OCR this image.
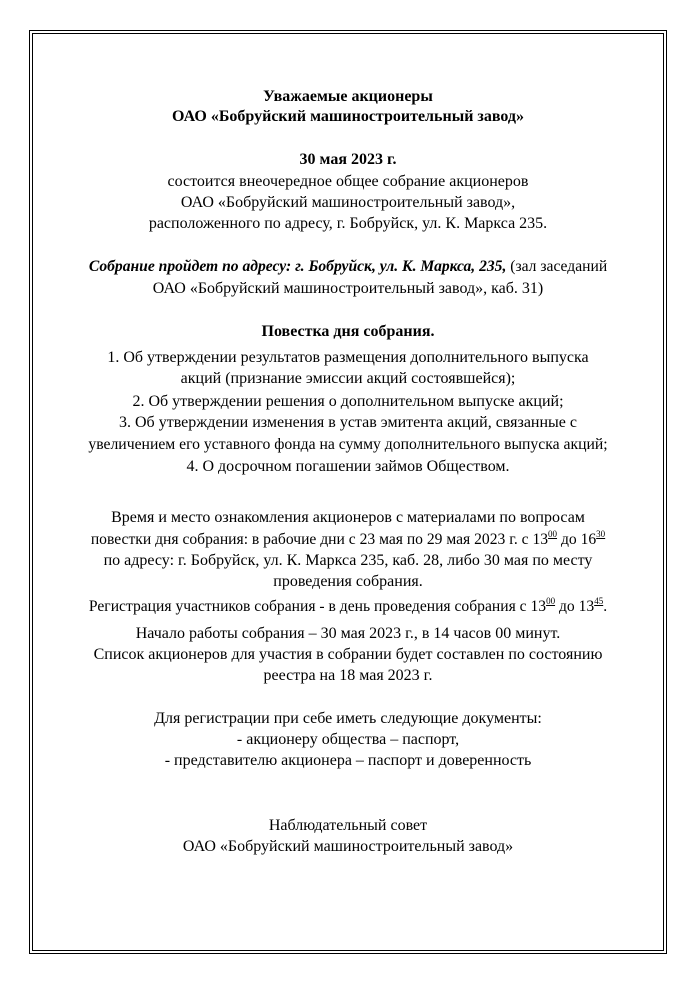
Уважаемые акционеры
ОАО «Бобруйский машиностроительный завод»
30 мая 2023 г.
состоится внеочередное общее собрание акционеров
ОАО «Бобруйский машиностроительный завод»,
расположенного по адресу, г. Бобруйск, ул. К. Маркса 235.
Собрание пройдет по адресу: г. Бобруйск, ул. К. Маркса, 235, (зал заседаний
ОАО «Бобруйский машиностроительный завод», каб. 31)
Повестка дня собрания.
1. Об утверждении результатов размещения дополнительного выпуска
акций (признание эмиссии акций состоявшейся);
2. Об утверждении решения о дополнительном выпуске акций;
3. Об утверждении изменения в устав эмитента акций, связанные с
увеличением его уставного фонда на сумму дополнительного выпуска акций;
4. О досрочном погашении займов Обществом.
Время и место ознакомления акционеров с материалами по вопросам
повестки дня собрания: в рабочие дни с 23 мая по 29 мая 2023 г. с $13^{00}$ до $16^{30}$
по адресу: г. Бобруйск, ул. К. Маркса 235, каб. 28, либо 30 мая по месту
проведения собрания.
Регистрация участников собрания - в день проведения собрания с $13^{00}$ до $13^{45}$.
Начало работы собрания – 30 мая 2023 г., в 14 часов 00 минут.
Список акционеров для участия в собрании будет составлен по состоянию
реестра на 18 мая 2023 г.
Для регистрации при себе иметь следующие документы:
- акционеру общества – паспорт,
- представителю акционера – паспорт и доверенность
Наблюдательный совет
ОАО «Бобруйский машиностроительный завод»
